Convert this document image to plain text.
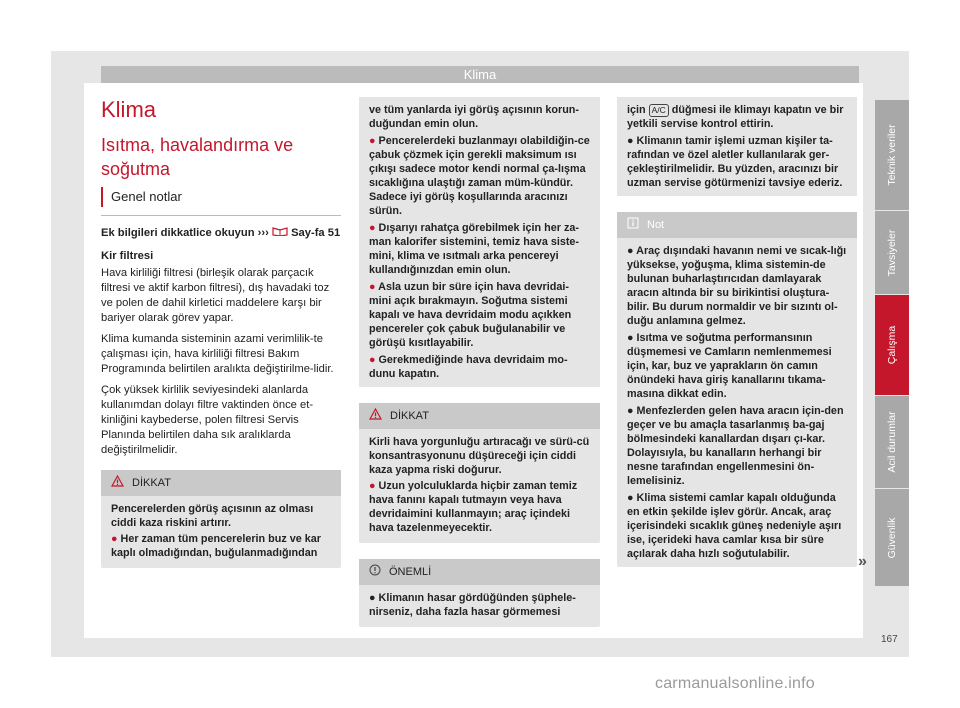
Klima
Klima
Isıtma, havalandırma ve soğutma
Genel notlar

Ek bilgileri dikkatlice okuyun ››› Say-fa 51

Kir filtresi

Hava kirliliği filtresi (birleşik olarak parçacık filtresi ve aktif karbon filtresi), dış havadaki toz ve polen de dahil kirletici maddelere karşı bir bariyer olarak görev yapar.

Klima kumanda sisteminin azami verimlilik-te çalışması için, hava kirliliği filtresi Bakım Programında belirtilen aralıkta değiştirilme-lidir.

Çok yüksek kirlilik seviyesindeki alanlarda kullanımdan dolayı filtre vaktinden önce et-kinliğini kaybederse, polen filtresi Servis Planında belirtilen daha sık aralıklarda değiştirilmelidir.

DİKKAT

Pencerelerden görüş açısının az olması ciddi kaza riskini artırır.

● Her zaman tüm pencerelerin buz ve kar kaplı olmadığından, buğulanmadığından

ve tüm yanlarda iyi görüş açısının korun-duğundan emin olun.

● Pencerelerdeki buzlanmayı olabildiğin-ce çabuk çözmek için gerekli maksimum ısı çıkışı sadece motor kendi normal ça-lışma sıcaklığına ulaştığı zaman müm-kündür. Sadece iyi görüş koşullarında aracınızı sürün.

● Dışarıyı rahatça görebilmek için her za-man kalorifer sistemini, temiz hava siste-mini, klima ve ısıtmalı arka pencereyi kullandığınızdan emin olun.

● Asla uzun bir süre için hava devridai-mini açık bırakmayın. Soğutma sistemi kapalı ve hava devridaim modu açıkken pencereler çok çabuk buğulanabilir ve görüşü kısıtlayabilir.

● Gerekmediğinde hava devridaim mo-dunu kapatın.

DİKKAT

Kirli hava yorgunluğu artıracağı ve sürü-cü konsantrasyonunu düşüreceği için ciddi kaza yapma riski doğurur.

● Uzun yolculuklarda hiçbir zaman temiz hava fanını kapalı tutmayın veya hava devridaimini kullanmayın; araç içindeki hava tazelenmeyecektir.

ÖNEMLİ

● Klimanın hasar gördüğünden şüphele-nirseniz, daha fazla hasar görmemesi

için A/C düğmesi ile klimayı kapatın ve bir yetkili servise kontrol ettirin.

● Klimanın tamir işlemi uzman kişiler ta-rafından ve özel aletler kullanılarak ger-çekleştirilmelidir. Bu yüzden, aracınızı bir uzman servise götürmenizi tavsiye ederiz.

Not

● Araç dışındaki havanın nemi ve sıcak-lığı yüksekse, yoğuşma, klima sistemin-de bulunan buharlaştırıcıdan damlayarak aracın altında bir su birikintisi oluştura-bilir. Bu durum normaldir ve bir sızıntı ol-duğu anlamına gelmez.

● Isıtma ve soğutma performansının düşmemesi ve Camların nemlenmemesi için, kar, buz ve yaprakların ön camın önündeki hava giriş kanallarını tıkama-masına dikkat edin.

● Menfezlerden gelen hava aracın için-den geçer ve bu amaçla tasarlanmış ba-gaj bölmesindeki kanallardan dışarı çı-kar. Dolayısıyla, bu kanalların herhangi bir nesne tarafından engellenmesini ön-lemelisiniz.

● Klima sistemi camlar kapalı olduğunda en etkin şekilde işlev görür. Ancak, araç içerisindeki sıcaklık güneş nedeniyle aşırı ise, içerideki hava camlar kısa bir süre açılarak daha hızlı soğutulabilir.	»
Teknik veriler
Tavsiyeler
Çalışma
Acil durumlar
Güvenlik
167
carmanualsonline.info
